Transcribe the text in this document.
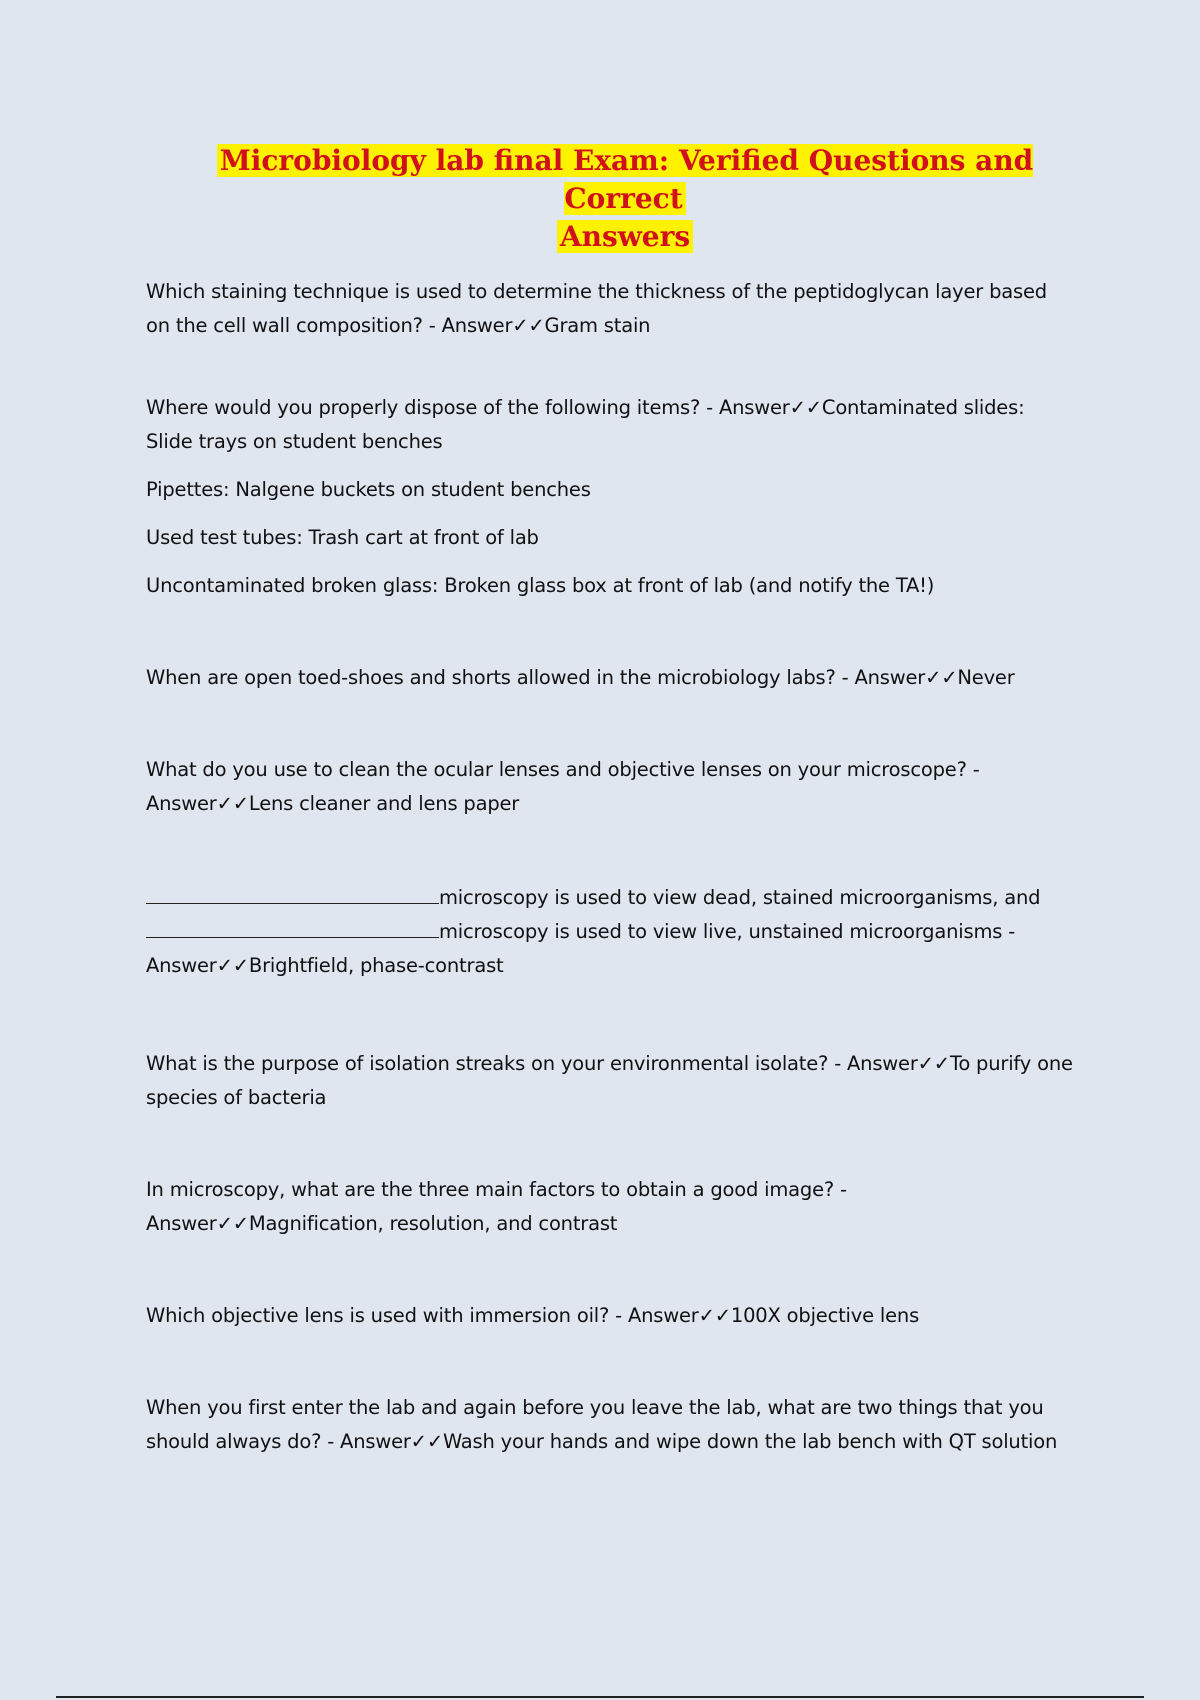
Microbiology lab final Exam: Verified Questions and Correct
Answers

Which staining technique is used to determine the thickness of the peptidoglycan layer based on the cell wall composition? - Answer✓✓Gram stain

Where would you properly dispose of the following items? - Answer✓✓Contaminated slides: Slide trays on student benches

Pipettes: Nalgene buckets on student benches

Used test tubes: Trash cart at front of lab

Uncontaminated broken glass: Broken glass box at front of lab (and notify the TA!)

When are open toed-shoes and shorts allowed in the microbiology labs? - Answer✓✓Never

What do you use to clean the ocular lenses and objective lenses on your microscope? - Answer✓✓Lens cleaner and lens paper

microscopy is used to view dead, stained microorganisms, and microscopy is used to view live, unstained microorganisms - Answer✓✓Brightfield, phase-contrast

What is the purpose of isolation streaks on your environmental isolate? - Answer✓✓To purify one species of bacteria

In microscopy, what are the three main factors to obtain a good image? - Answer✓✓Magnification, resolution, and contrast

Which objective lens is used with immersion oil? - Answer✓✓100X objective lens

When you first enter the lab and again before you leave the lab, what are two things that you should always do? - Answer✓✓Wash your hands and wipe down the lab bench with QT solution
